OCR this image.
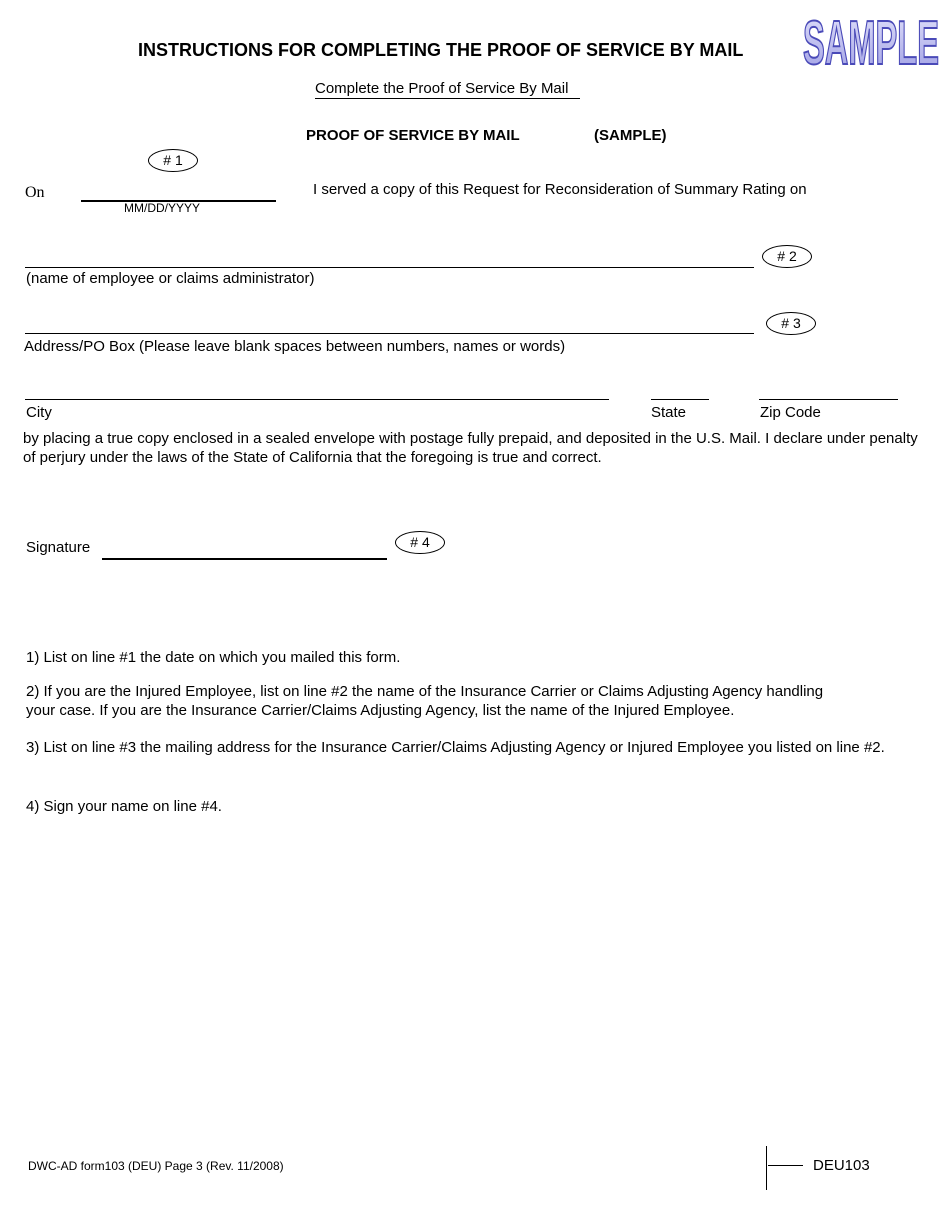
INSTRUCTIONS FOR COMPLETING THE PROOF OF SERVICE BY MAIL SAMPLE
Complete the Proof of Service By Mail
PROOF OF SERVICE BY MAIL	(SAMPLE)
# 1
On
MM/DD/YYYY
I served a copy of this Request for Reconsideration of Summary Rating on
# 2
(name of employee or claims administrator)
# 3
Address/PO Box (Please leave blank spaces between numbers, names or words)
City	State	Zip Code
by placing a true copy enclosed in a sealed envelope with postage fully prepaid, and deposited in the U.S. Mail. I declare under penalty of perjury under the laws of the State of California that the foregoing is true and correct.
Signature	# 4
1) List on line #1 the date on which you mailed this form.
2) If you are the Injured Employee, list on line #2 the name of the Insurance Carrier or Claims Adjusting Agency handling your case. If you are the Insurance Carrier/Claims Adjusting Agency, list the name of the Injured Employee.
3) List on line #3 the mailing address for the Insurance Carrier/Claims Adjusting Agency or Injured Employee you listed on line #2.
4) Sign your name on line #4.
DWC-AD form103 (DEU) Page 3 (Rev. 11/2008)	DEU103
